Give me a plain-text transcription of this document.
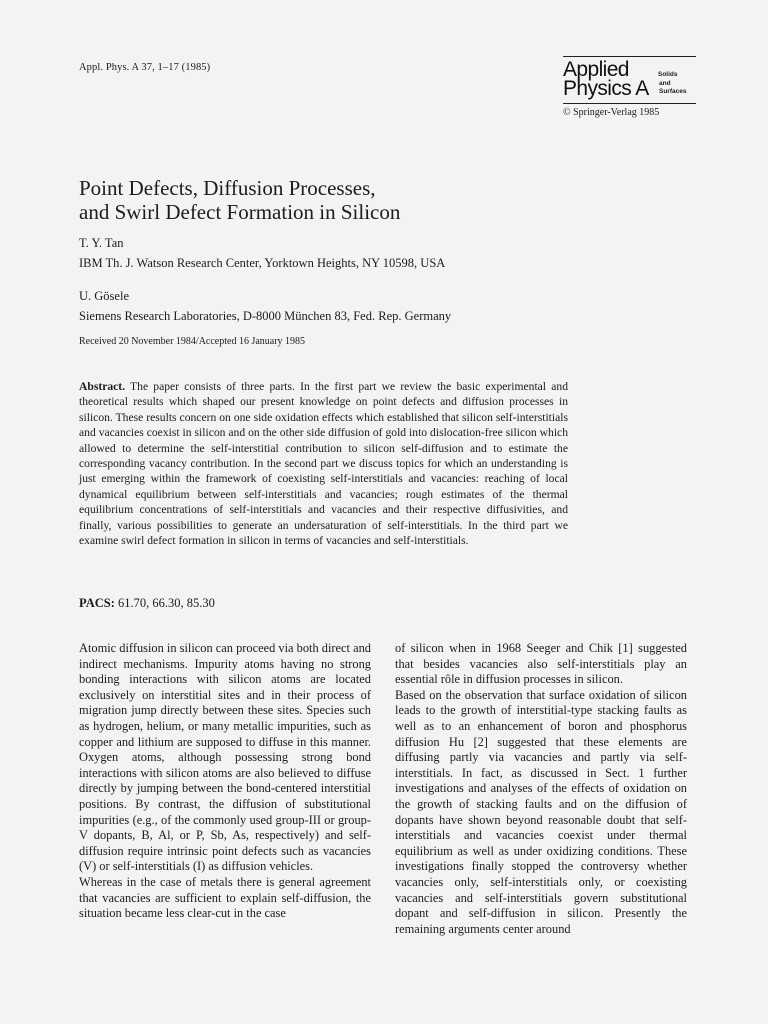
Appl. Phys. A 37, 1–17 (1985)	Applied
Physics A
Solids
and
Surfaces
© Springer-Verlag 1985
Point Defects, Diffusion Processes,
and Swirl Defect Formation in Silicon
T. Y. Tan
IBM Th. J. Watson Research Center, Yorktown Heights, NY 10598, USA
U. Gösele
Siemens Research Laboratories, D-8000 München 83, Fed. Rep. Germany
Received 20 November 1984/Accepted 16 January 1985
Abstract. The paper consists of three parts. In the first part we review the basic experimental and theoretical results which shaped our present knowledge on point defects and diffusion processes in silicon. These results concern on one side oxidation effects which established that silicon self-interstitials and vacancies coexist in silicon and on the other side diffusion of gold into dislocation-free silicon which allowed to determine the self-interstitial contribution to silicon self-diffusion and to estimate the corresponding vacancy contribution. In the second part we discuss topics for which an understanding is just emerging within the framework of coexisting self-interstitials and vacancies: reaching of local dynamical equilibrium between self-interstitials and vacancies; rough estimates of the thermal equilibrium concentrations of self-interstitials and vacancies and their respective diffusivities, and finally, various possibilities to generate an undersaturation of self-interstitials. In the third part we examine swirl defect formation in silicon in terms of vacancies and self-interstitials.
PACS: 61.70, 66.30, 85.30

Atomic diffusion in silicon can proceed via both direct and indirect mechanisms. Impurity atoms having no strong bonding interactions with silicon atoms are located exclusively on interstitial sites and in their process of migration jump directly between these sites. Species such as hydrogen, helium, or many metallic impurities, such as copper and lithium are supposed to diffuse in this manner. Oxygen atoms, although possessing strong bond interactions with silicon atoms are also believed to diffuse directly by jumping between the bond-centered interstitial positions. By contrast, the diffusion of substitutional impurities (e.g., of the commonly used group-III or group-V dopants, B, Al, or P, Sb, As, respectively) and self-diffusion require intrinsic point defects such as vacancies (V) or self-interstitials (I) as diffusion vehicles.

Whereas in the case of metals there is general agreement that vacancies are sufficient to explain self-diffusion, the situation became less clear-cut in the case

of silicon when in 1968 Seeger and Chik [1] suggested that besides vacancies also self-interstitials play an essential rôle in diffusion processes in silicon.

Based on the observation that surface oxidation of silicon leads to the growth of interstitial-type stacking faults as well as to an enhancement of boron and phosphorus diffusion Hu [2] suggested that these elements are diffusing partly via vacancies and partly via self-interstitials. In fact, as discussed in Sect. 1 further investigations and analyses of the effects of oxidation on the growth of stacking faults and on the diffusion of dopants have shown beyond reasonable doubt that self-interstitials and vacancies coexist under thermal equilibrium as well as under oxidizing conditions. These investigations finally stopped the controversy whether vacancies only, self-interstitials only, or coexisting vacancies and self-interstitials govern substitutional dopant and self-diffusion in silicon. Presently the remaining arguments center around
